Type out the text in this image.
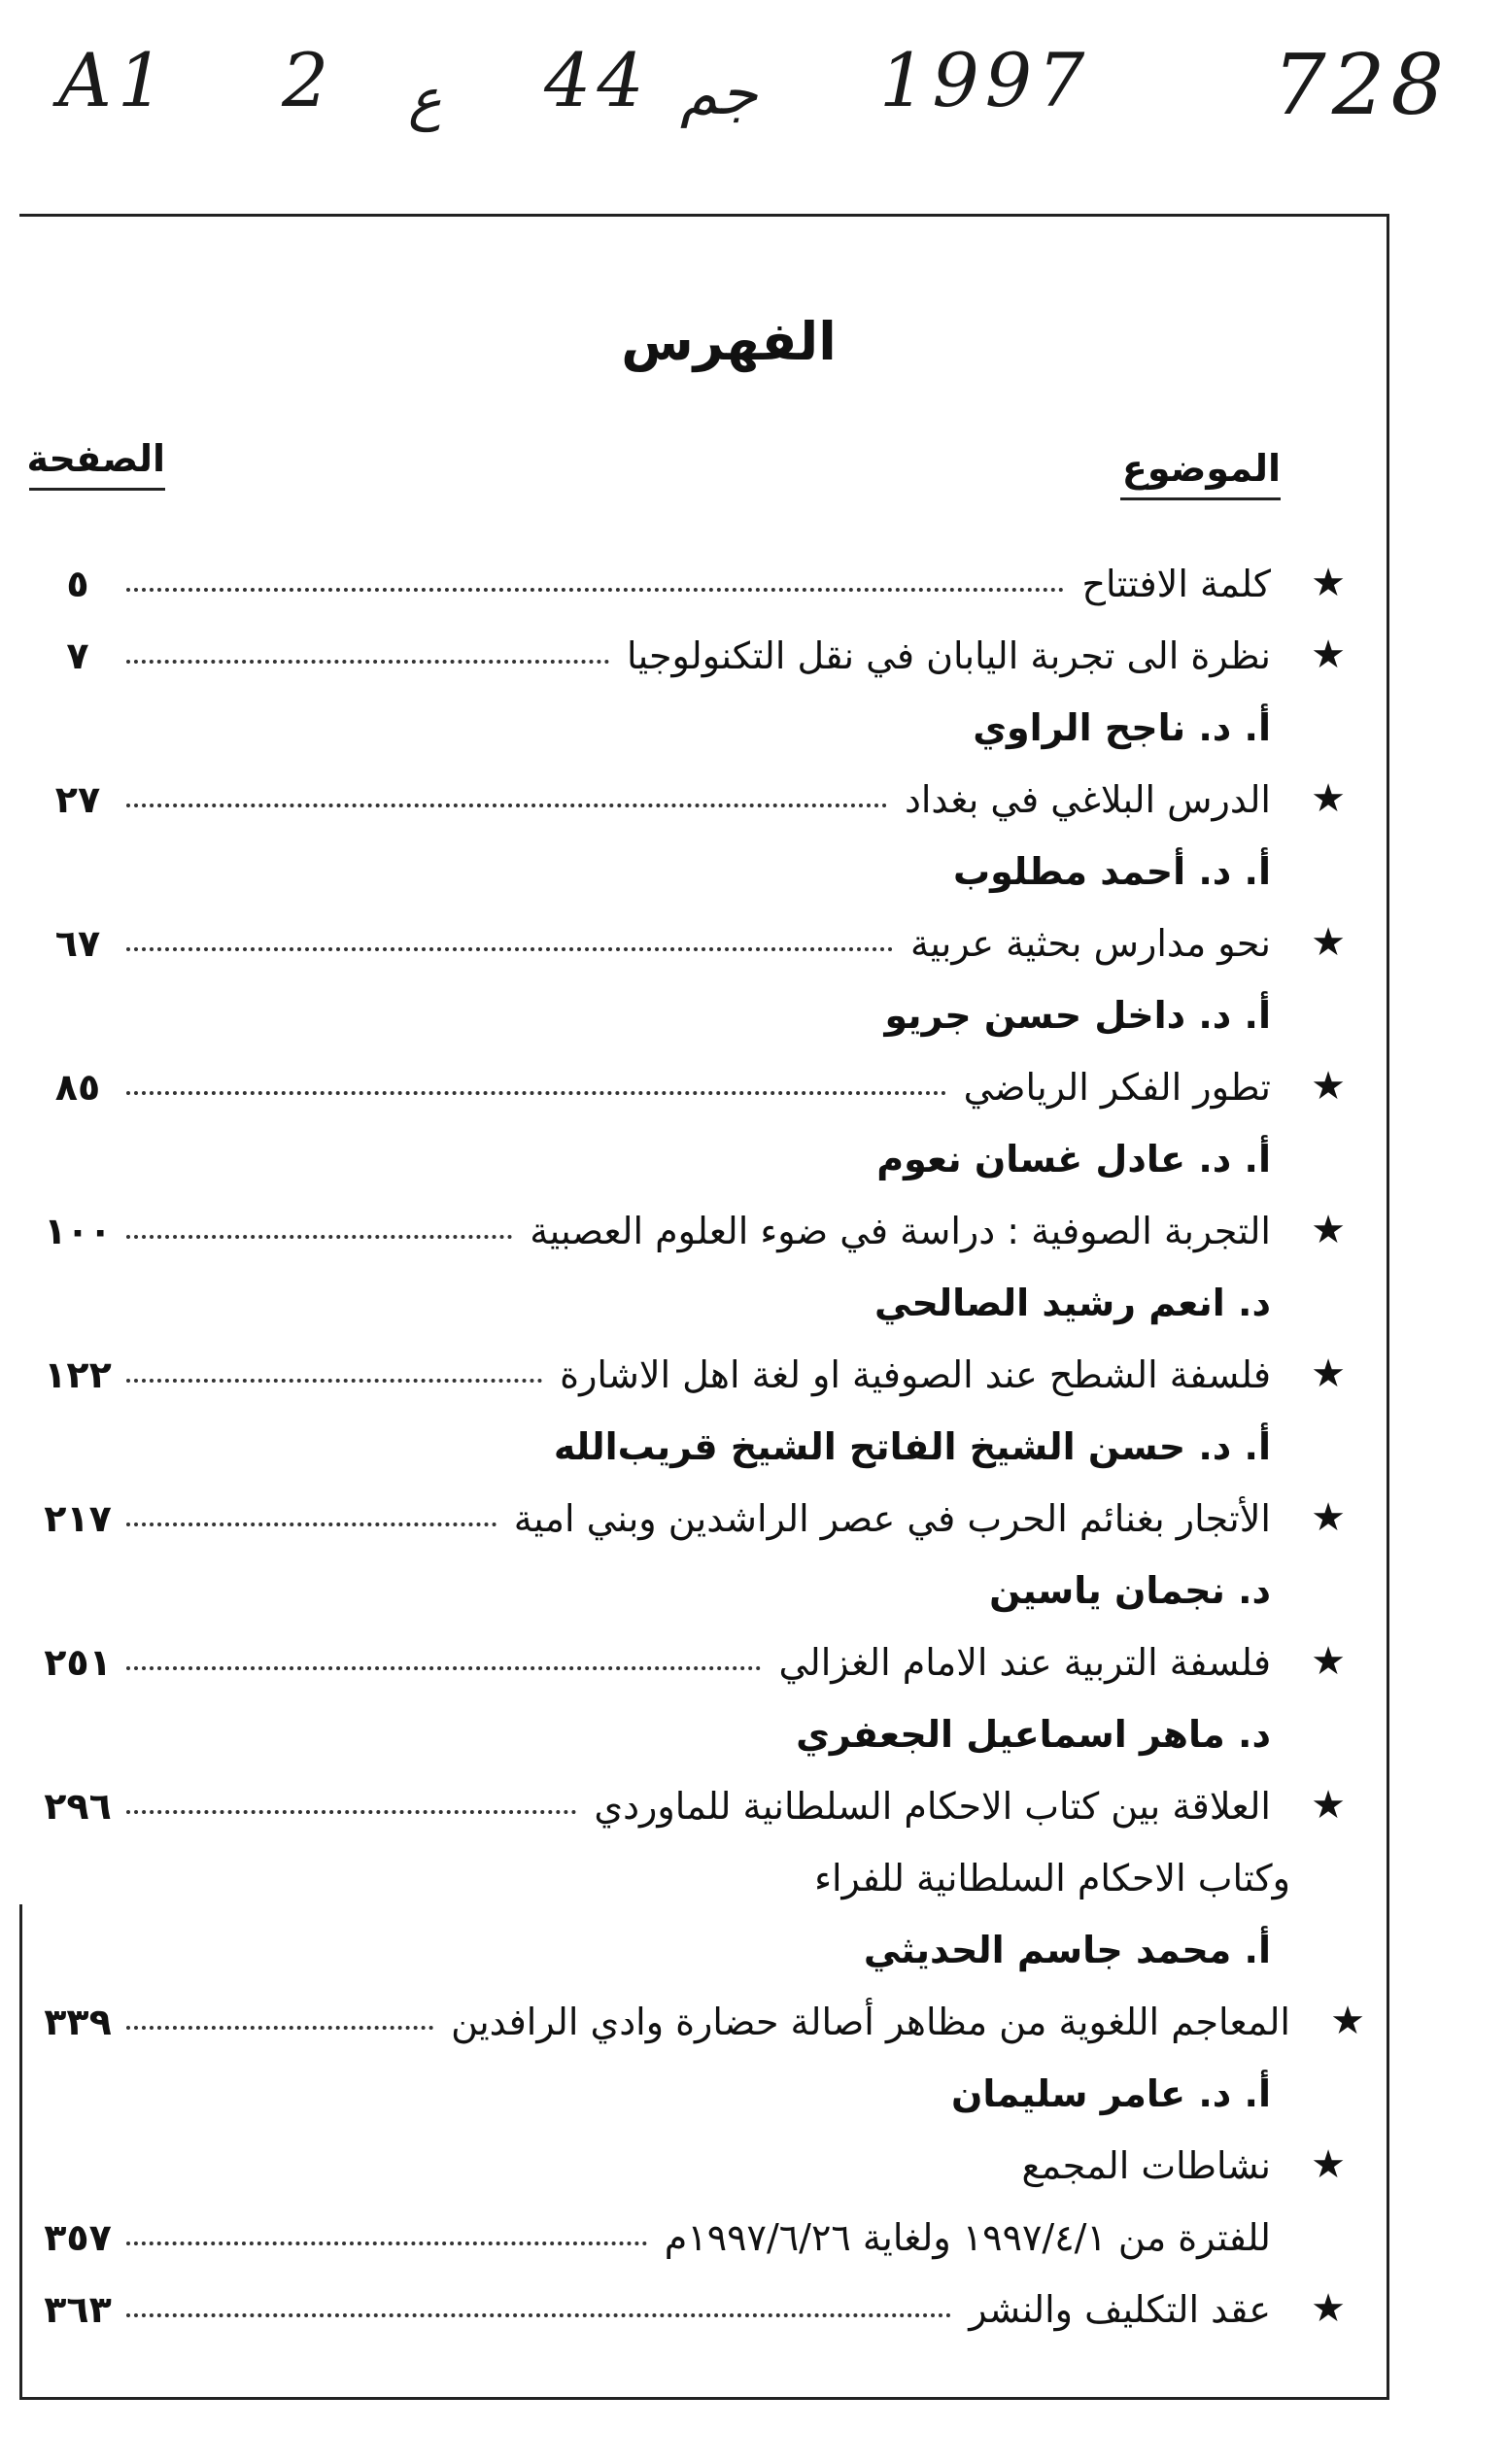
A1 2 ع 44 جم 1997 728
الفهرس
الموضوع
الصفحة
★
كلمة الافتتاح
٥
★
نظرة الى تجربة اليابان في نقل التكنولوجيا
٧
أ. د. ناجح الراوي
★
الدرس البلاغي في بغداد
٢٧
أ. د. أحمد مطلوب
★
نحو مدارس بحثية عربية
٦٧
أ. د. داخل حسن جريو
★
تطور الفكر الرياضي
٨٥
أ. د. عادل غسان نعوم
★
التجربة الصوفية : دراسة في ضوء العلوم العصبية
١٠٠
د. انعم رشيد الصالحي
★
فلسفة الشطح عند الصوفية او لغة اهل الاشارة
١٢٢
أ. د. حسن الشيخ الفاتح الشيخ قريب‌الله
★
الأتجار بغنائم الحرب في عصر الراشدين وبني امية
٢١٧
د. نجمان ياسين
★
فلسفة التربية عند الامام الغزالي
٢٥١
د. ماهر اسماعيل الجعفري
★
العلاقة بين كتاب الاحكام السلطانية للماوردي
٢٩٦
وكتاب الاحكام السلطانية للفراء
أ. محمد جاسم الحديثي
★
المعاجم اللغوية من مظاهر أصالة حضارة وادي الرافدين
٣٣٩
أ. د. عامر سليمان
★
نشاطات المجمع
للفترة من ١٩٩٧/٤/١ ولغاية ١٩٩٧/٦/٢٦م
٣٥٧
★
عقد التكليف والنشر
٣٦٣
